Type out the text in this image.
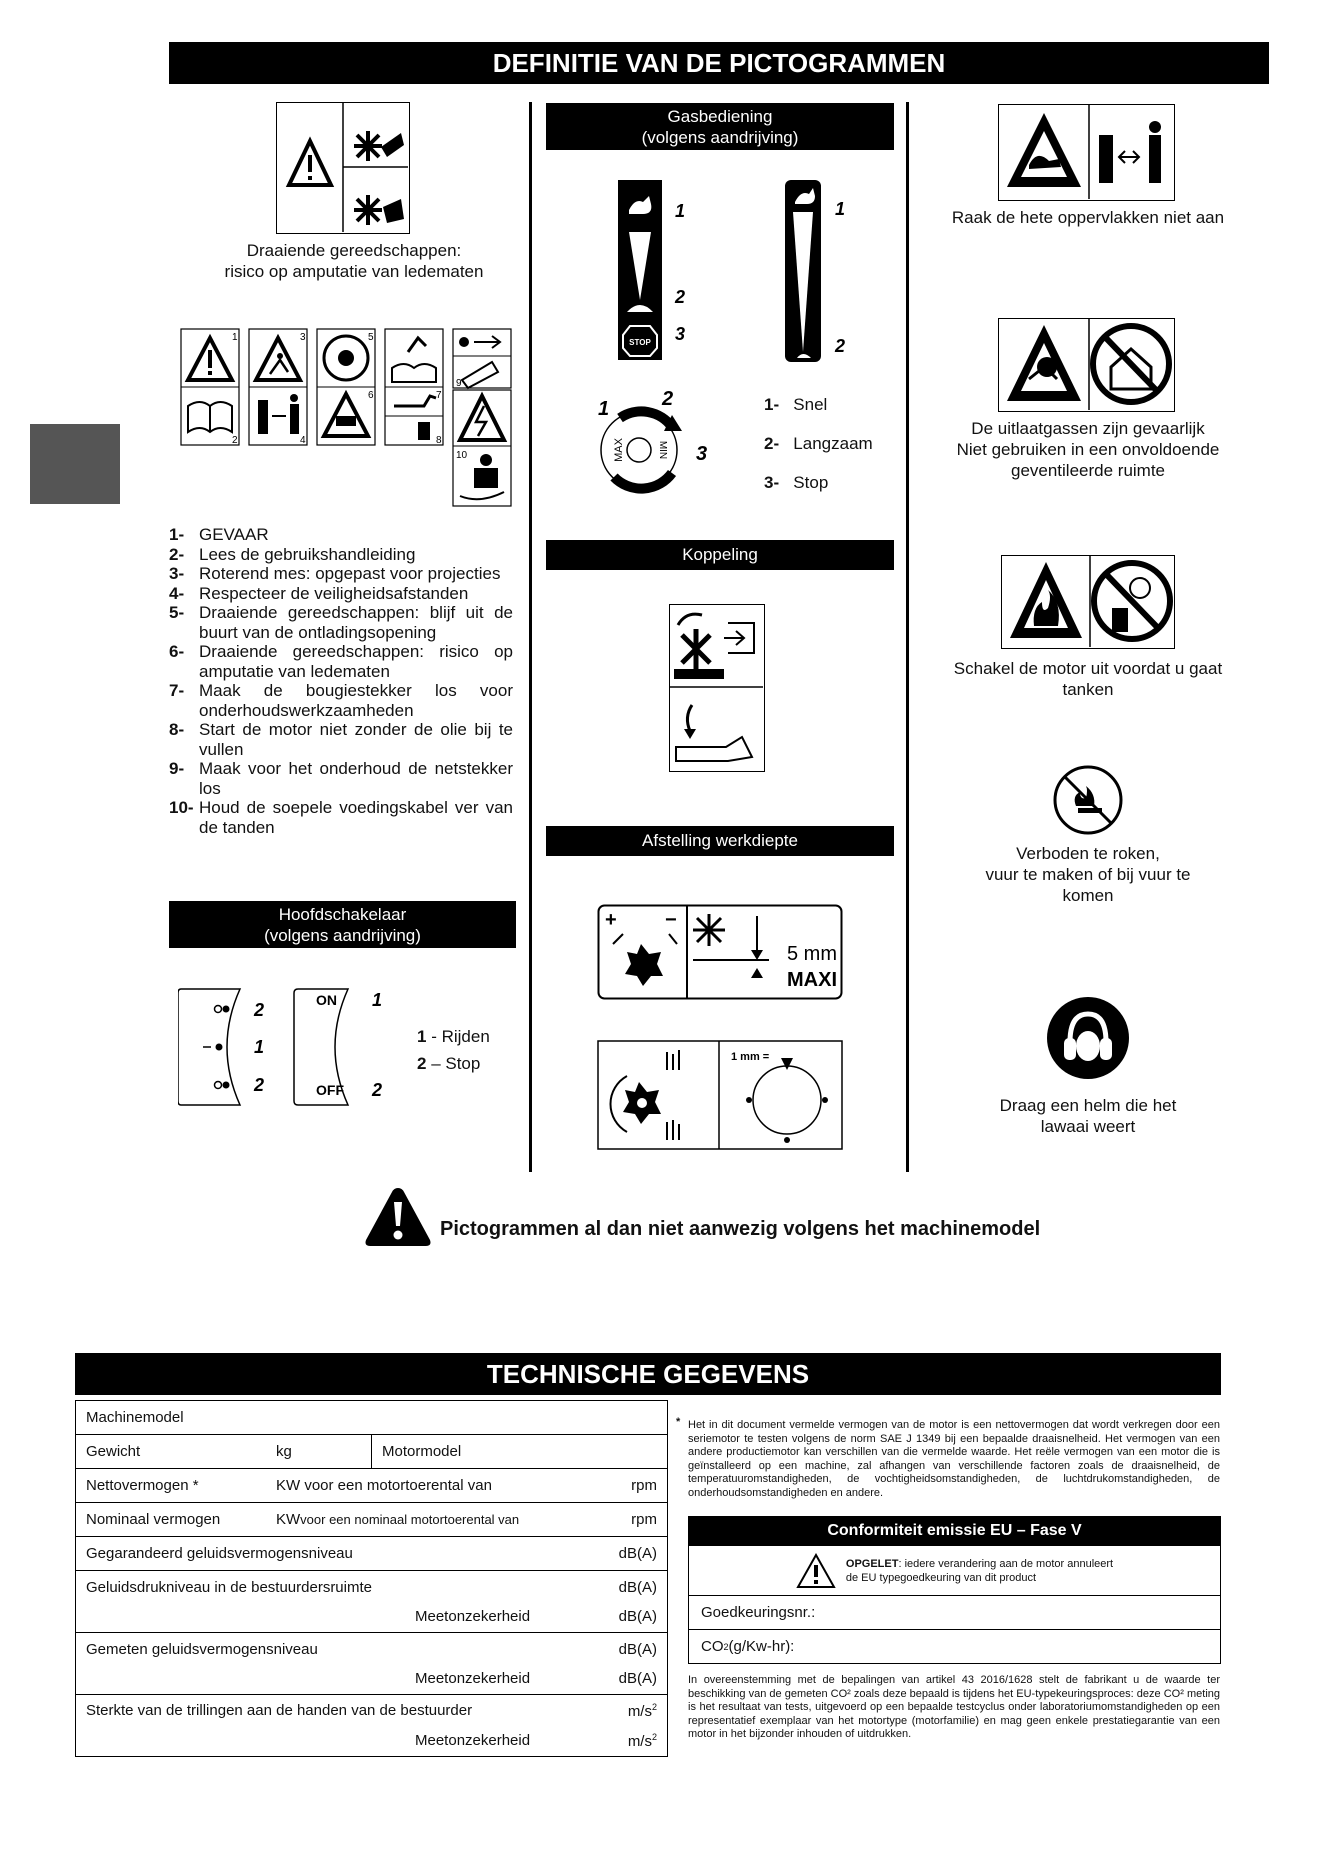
DEFINITIE VAN DE PICTOGRAMMEN
Draaiende gereedschappen:
risico op amputatie van ledematen
1
2
3
4
5
6	7
8
9
10
1- GEVAAR
2- Lees de gebruikshandleiding
3- Roterend mes: opgepast voor projecties
4- Respecteer de veiligheidsafstanden
5- Draaiende gereedschappen: blijf uit de buurt van de ontladingsopening
6- Draaiende gereedschappen: risico op amputatie van ledematen
7- Maak de bougiestekker los voor onderhoudswerkzaamheden
8- Start de motor niet zonder de olie bij te vullen
9- Maak voor het onderhoud de netstekker los
10- Houd de soepele voedingskabel ver van de tanden
Hoofdschakelaar
(volgens aandrijving)
2
1
2
ON
OFF
1
2
1 - Rijden
2 – Stop
Gasbediening
(volgens aandrijving)
STOP
1
2
3
1
2
MAX	MIN
1	2
3
1- Snel
2- Langzaam
3- Stop
Koppeling
Afstelling werkdiepte
+ −
5 mm
MAXI
1 mm =
Raak de hete oppervlakken niet aan
De uitlaatgassen zijn gevaarlijk
Niet gebruiken in een onvoldoende
geventileerde ruimte
Schakel de motor uit voordat u gaat
tanken
Verboden te roken,
vuur te maken of bij vuur te
komen
Draag een helm die het
lawaai weert
Pictogrammen al dan niet aanwezig volgens het machinemodel
TECHNISCHE GEGEVENS
Machinemodel

Gewicht	kg	Motormodel

Nettovermogen *	KW voor een motortoerental van	rpm

Nominaal vermogen	KW voor een nominaal motortoerental van	rpm

Gegarandeerd geluidsvermogensniveau	dB(A)

Geluidsdrukniveau in de bestuurdersruimte	dB(A)
Meetonzekerheid	dB(A)

Gemeten geluidsvermogensniveau	dB(A)
Meetonzekerheid	dB(A)

Sterkte van de trillingen aan de handen van de bestuurder	$m/s^2$
Meetonzekerheid	$m/s^2$
* Het in dit document vermelde vermogen van de motor is een nettovermogen dat wordt verkregen door een seriemotor te testen volgens de norm SAE J 1349 bij een bepaalde draaisnelheid. Het vermogen van een andere productiemotor kan verschillen van die vermelde waarde. Het reële vermogen van een motor die is geïnstalleerd op een machine, zal afhangen van verschillende factoren zoals de draaisnelheid, de temperatuuromstandigheden, de vochtigheidsomstandigheden, de luchtdrukomstandigheden, de onderhoudsomstandigheden en andere.
Conformiteit emissie EU – Fase V
OPGELET: iedere verandering aan de motor annuleert
de EU typegoedkeuring van dit product
Goedkeuringsnr.:
CO 2 (g/Kw-hr):
In overeenstemming met de bepalingen van artikel 43 2016/1628 stelt de fabrikant u de waarde ter beschikking van de gemeten CO² zoals deze bepaald is tijdens het EU-typekeuringsproces: deze CO² meting is het resultaat van tests, uitgevoerd op een bepaalde testcyclus onder laboratoriumomstandigheden op een representatief exemplaar van het motortype (motorfamilie) en mag geen enkele prestatiegarantie van een motor in het bijzonder inhouden of uitdrukken.
